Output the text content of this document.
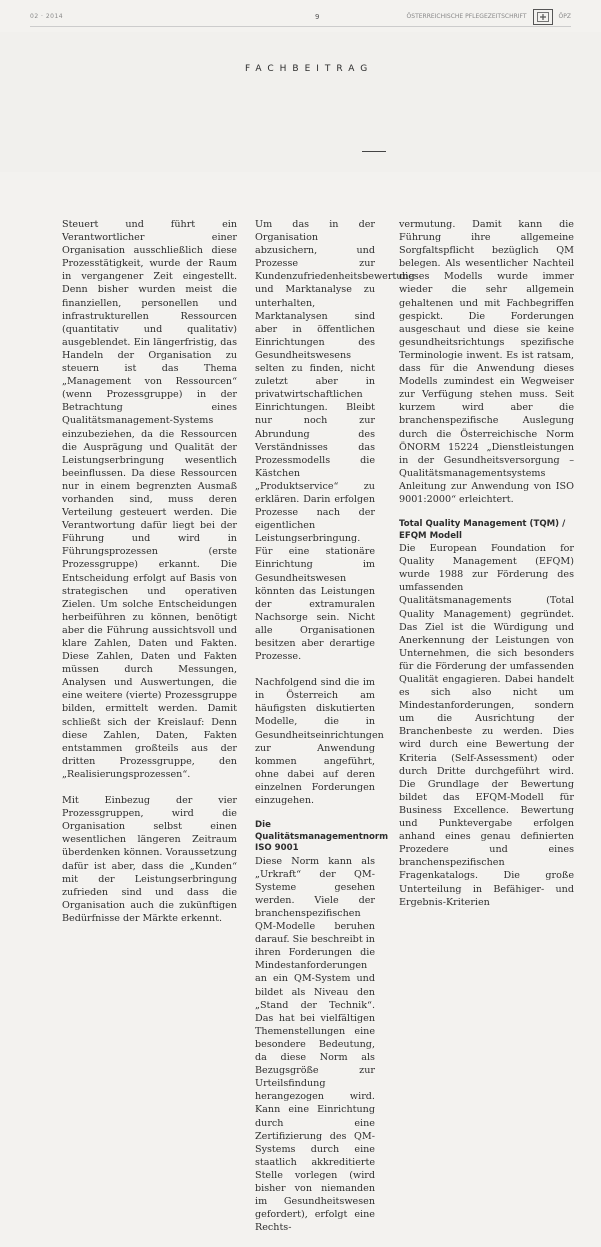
02 · 2014	9	ÖSTERREICHISCHE PFLEGEZEITSCHRIFT	ÖPZ
FACHBEITRAG

Steuert und führt ein Verantwortlicher einer Organisation ausschließlich diese Prozesstätigkeit, wurde der Raum in vergangener Zeit eingestellt. Denn bisher wurden meist die finanziellen, personellen und infrastrukturellen Ressourcen (quantitativ und qualitativ) ausgeblendet. Ein längerfristig, das Handeln der Organisation zu steuern ist das Thema „Management von Ressourcen“ (wenn Prozessgruppe) in der Betrachtung eines Qualitätsmanagement-Systems einzubeziehen, da die Ressourcen die Ausprägung und Qualität der Leistungserbringung wesentlich beeinflussen. Da diese Ressourcen nur in einem begrenzten Ausmaß vorhanden sind, muss deren Verteilung gesteuert werden. Die Verantwortung dafür liegt bei der Führung und wird in Führungsprozessen (erste Prozessgruppe) erkannt. Die Entscheidung erfolgt auf Basis von strategischen und operativen Zielen. Um solche Entscheidungen herbeiführen zu können, benötigt aber die Führung aussichtsvoll und klare Zahlen, Daten und Fakten. Diese Zahlen, Daten und Fakten müssen durch Messungen, Analysen und Auswertungen, die eine weitere (vierte) Prozessgruppe bilden, ermittelt werden. Damit schließt sich der Kreislauf: Denn diese Zahlen, Daten, Fakten entstammen großteils aus der dritten Prozessgruppe, den „Realisierungsprozessen“.

Mit Einbezug der vier Prozessgruppen, wird die Organisation selbst einen wesentlichen längeren Zeitraum überdenken können. Voraussetzung dafür ist aber, dass die „Kunden“ mit der Leistungserbringung zufrieden sind und dass die Organisation auch die zukünftigen Bedürfnisse der Märkte erkennt.

Um das in der Organisation abzusichern, und Prozesse zur Kundenzufriedenheitsbewertung und Marktanalyse zu unterhalten, Marktanalysen sind aber in öffentlichen Einrichtungen des Gesundheitswesens selten zu finden, nicht zuletzt aber in privatwirtschaftlichen Einrichtungen. Bleibt nur noch zur Abrundung des Verständnisses das Prozessmodells die Kästchen „Produktservice“ zu erklären. Darin erfolgen Prozesse nach der eigentlichen Leistungserbringung. Für eine stationäre Einrichtung im Gesundheitswesen könnten das Leistungen der extramuralen Nachsorge sein. Nicht alle Organisationen besitzen aber derartige Prozesse.

Nachfolgend sind die im in Österreich am häufigsten diskutierten Modelle, die in Gesundheitseinrichtungen zur Anwendung kommen angeführt, ohne dabei auf deren einzelnen Forderungen einzugehen.

Die Qualitätsmanagementnorm ISO 9001

Diese Norm kann als „Urkraft“ der QM-Systeme gesehen werden. Viele der branchenspezifischen QM-Modelle beruhen darauf. Sie beschreibt in ihren Forderungen die Mindestanforderungen an ein QM-System und bildet als Niveau den „Stand der Technik“. Das hat bei vielfältigen Themenstellungen eine besondere Bedeutung, da diese Norm als Bezugsgröße zur Urteilsfindung herangezogen wird. Kann eine Einrichtung durch eine Zertifizierung des QM-Systems durch eine staatlich akkreditierte Stelle vorlegen (wird bisher von niemanden im Gesundheitswesen gefordert), erfolgt eine Rechts-

vermutung. Damit kann die Führung ihre allgemeine Sorgfaltspflicht bezüglich QM belegen. Als wesentlicher Nachteil dieses Modells wurde immer wieder die sehr allgemein gehaltenen und mit Fachbegriffen gespickt. Die Forderungen ausgeschaut und diese sie keine gesundheitsrichtungs spezifische Terminologie inwent. Es ist ratsam, dass für die Anwendung dieses Modells zumindest ein Wegweiser zur Verfügung stehen muss. Seit kurzem wird aber die branchenspezifische Auslegung durch die Österreichische Norm ÖNORM 15224 „Dienstleistungen in der Gesundheitsversorgung – Qualitätsmanagementsystems Anleitung zur Anwendung von ISO 9001:2000“ erleichtert.

Total Quality Management (TQM) / EFQM Modell

Die European Foundation for Quality Management (EFQM) wurde 1988 zur Förderung des umfassenden Qualitätsmanagements (Total Quality Management) gegründet. Das Ziel ist die Würdigung und Anerkennung der Leistungen von Unternehmen, die sich besonders für die Förderung der umfassenden Qualität engagieren. Dabei handelt es sich also nicht um Mindestanforderungen, sondern um die Ausrichtung der Branchenbeste zu werden. Dies wird durch eine Bewertung der Kriteria (Self-Assessment) oder durch Dritte durchgeführt wird. Die Grundlage der Bewertung bildet das EFQM-Modell für Business Excellence. Bewertung und Punktevergabe erfolgen anhand eines genau definierten Prozedere und eines branchenspezifischen Fragenkatalogs. Die große Unterteilung in Befähiger- und Ergebnis-Kriterien
